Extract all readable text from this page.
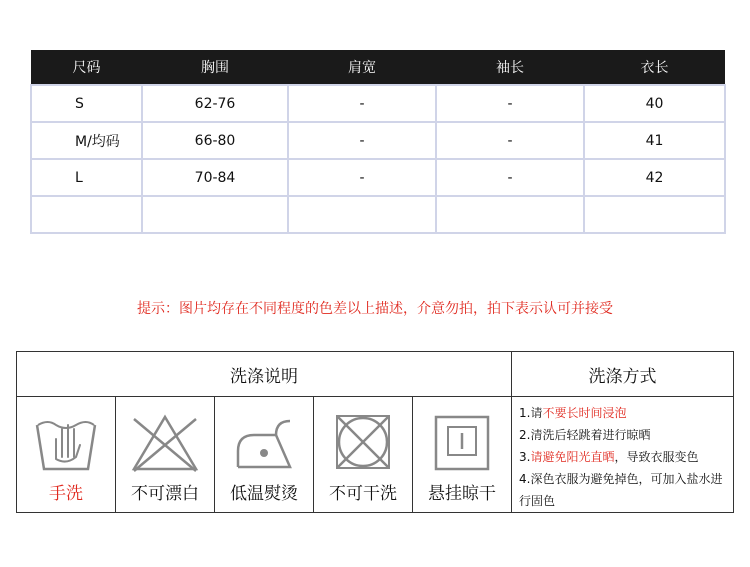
尺码	胸围	肩宽	袖长	衣长
S	62-76	-	-	40
M/均码	66-80	-	-	41
L	70-84	-	-	42

提示：图片均存在不同程度的色差以上描述，介意勿拍，拍下表示认可并接受
洗涤说明	洗涤方式
手洗	不可漂白	低温熨烫	不可干洗	悬挂晾干
1.请不要长时间浸泡
2.清洗后轻跳着进行晾晒
3.请避免阳光直晒，导致衣服变色
4.深色衣服为避免掉色，可加入盐水进行固色
